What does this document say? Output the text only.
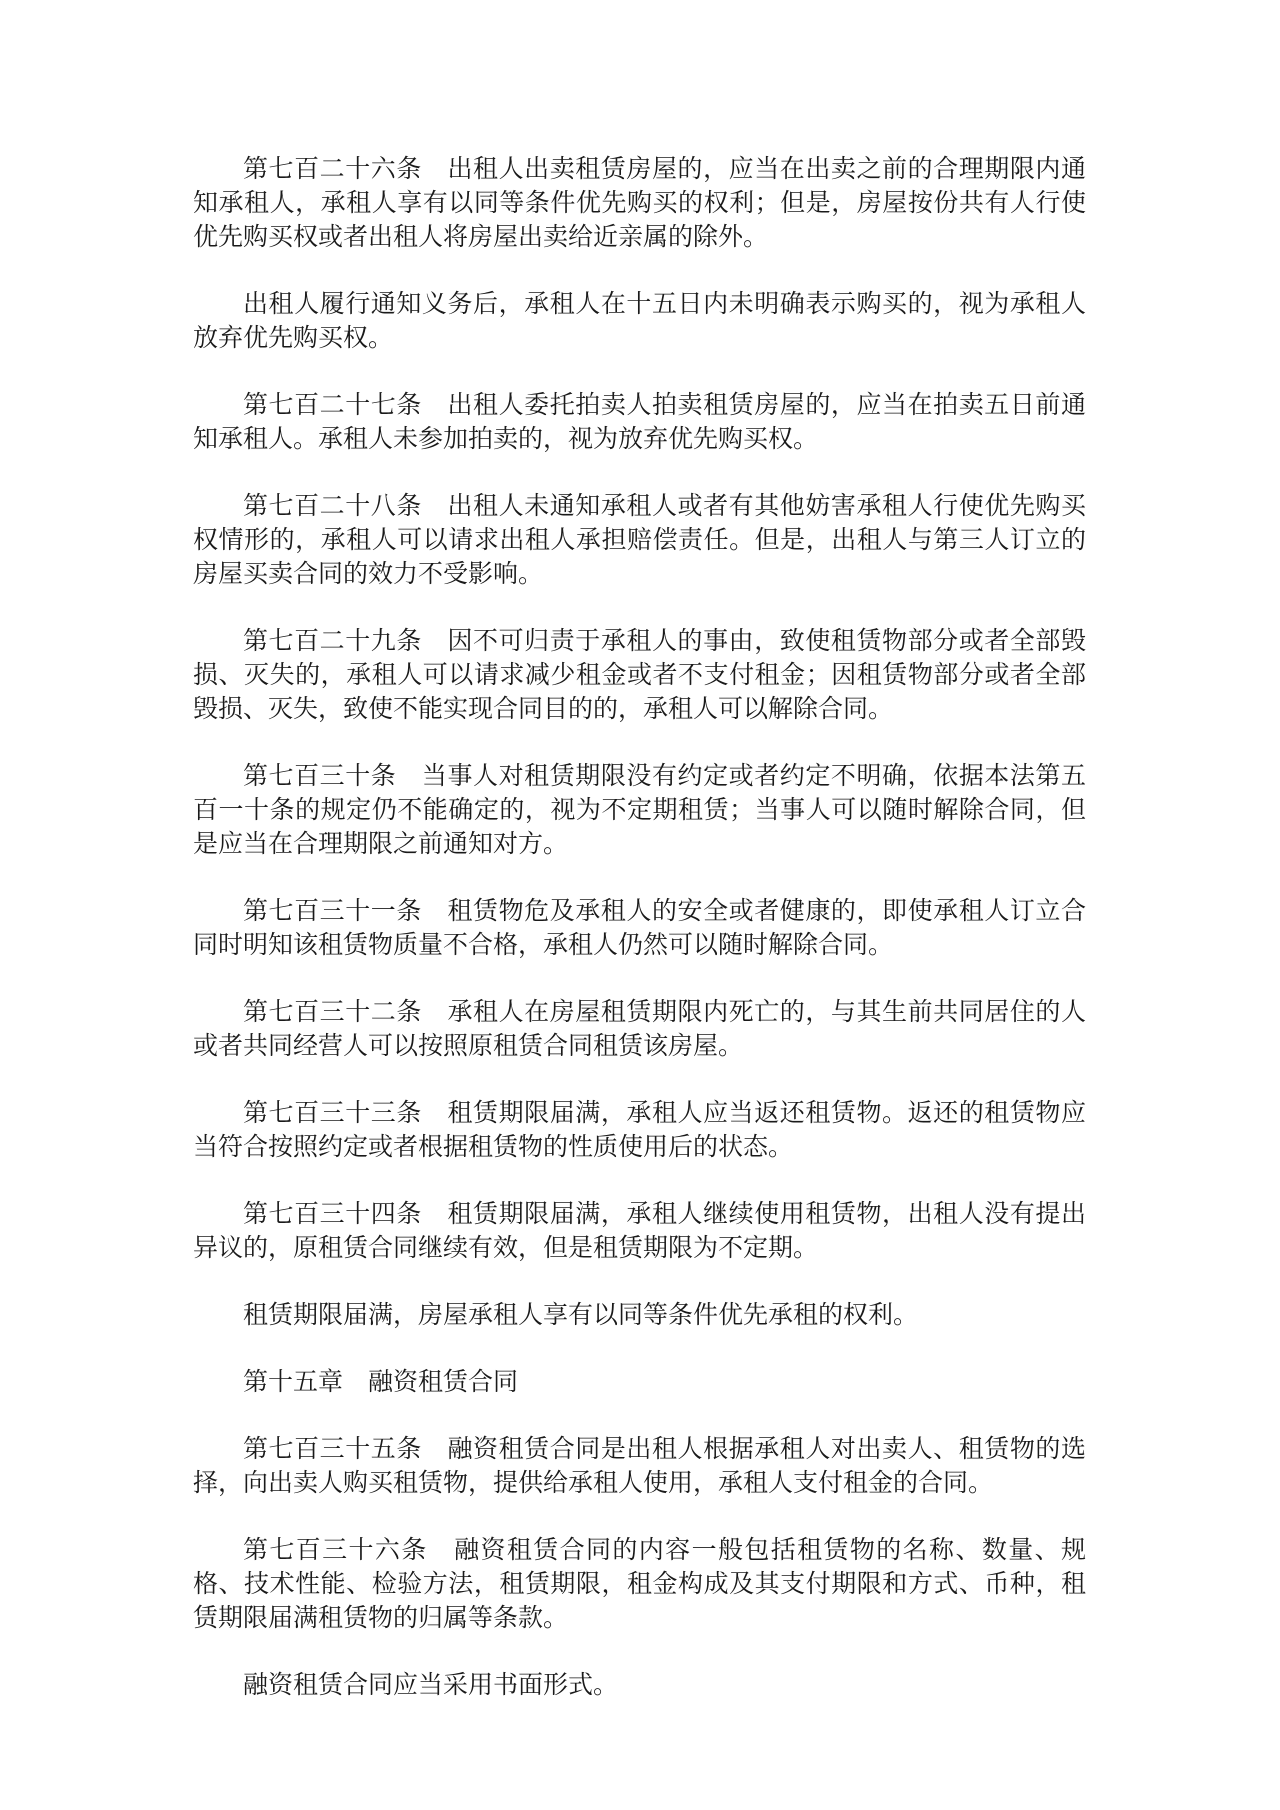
第七百二十六条　出租人出卖租赁房屋的，应当在出卖之前的合理期限内通知承租人，承租人享有以同等条件优先购买的权利；但是，房屋按份共有人行使优先购买权或者出租人将房屋出卖给近亲属的除外。

出租人履行通知义务后，承租人在十五日内未明确表示购买的，视为承租人放弃优先购买权。

第七百二十七条　出租人委托拍卖人拍卖租赁房屋的，应当在拍卖五日前通知承租人。承租人未参加拍卖的，视为放弃优先购买权。

第七百二十八条　出租人未通知承租人或者有其他妨害承租人行使优先购买权情形的，承租人可以请求出租人承担赔偿责任。但是，出租人与第三人订立的房屋买卖合同的效力不受影响。

第七百二十九条　因不可归责于承租人的事由，致使租赁物部分或者全部毁损、灭失的，承租人可以请求减少租金或者不支付租金；因租赁物部分或者全部毁损、灭失，致使不能实现合同目的的，承租人可以解除合同。

第七百三十条　当事人对租赁期限没有约定或者约定不明确，依据本法第五百一十条的规定仍不能确定的，视为不定期租赁；当事人可以随时解除合同，但是应当在合理期限之前通知对方。

第七百三十一条　租赁物危及承租人的安全或者健康的，即使承租人订立合同时明知该租赁物质量不合格，承租人仍然可以随时解除合同。

第七百三十二条　承租人在房屋租赁期限内死亡的，与其生前共同居住的人或者共同经营人可以按照原租赁合同租赁该房屋。

第七百三十三条　租赁期限届满，承租人应当返还租赁物。返还的租赁物应当符合按照约定或者根据租赁物的性质使用后的状态。

第七百三十四条　租赁期限届满，承租人继续使用租赁物，出租人没有提出异议的，原租赁合同继续有效，但是租赁期限为不定期。

租赁期限届满，房屋承租人享有以同等条件优先承租的权利。

第十五章　融资租赁合同

第七百三十五条　融资租赁合同是出租人根据承租人对出卖人、租赁物的选择，向出卖人购买租赁物，提供给承租人使用，承租人支付租金的合同。

第七百三十六条　融资租赁合同的内容一般包括租赁物的名称、数量、规格、技术性能、检验方法，租赁期限，租金构成及其支付期限和方式、币种，租赁期限届满租赁物的归属等条款。

融资租赁合同应当采用书面形式。
